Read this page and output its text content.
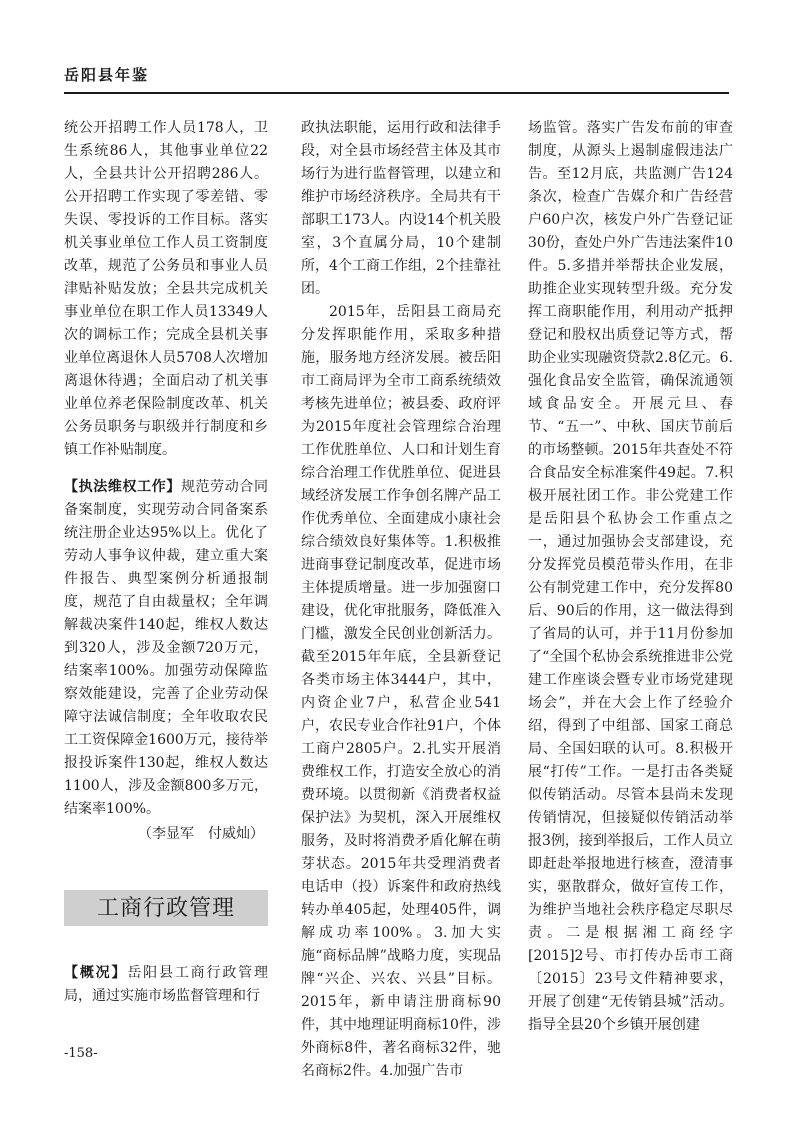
岳阳县年鉴

统公开招聘工作人员178人，卫生系统86人，其他事业单位22人，全县共计公开招聘286人。公开招聘工作实现了零差错、零失误、零投诉的工作目标。落实机关事业单位工作人员工资制度改革，规范了公务员和事业人员津贴补贴发放；全县共完成机关事业单位在职工作人员13349人次的调标工作；完成全县机关事业单位离退休人员5708人次增加离退休待遇；全面启动了机关事业单位养老保险制度改革、机关公务员职务与职级并行制度和乡镇工作补贴制度。

【执法维权工作】规范劳动合同备案制度，实现劳动合同备案系统注册企业达95%以上。优化了劳动人事争议仲裁，建立重大案件报告、典型案例分析通报制度，规范了自由裁量权；全年调解裁决案件140起，维权人数达到320人，涉及金额720万元，结案率100%。加强劳动保障监察效能建设，完善了企业劳动保障守法诚信制度；全年收取农民工工资保障金1600万元，接待举报投诉案件130起，维权人数达1100人，涉及金额800多万元，结案率100%。

（李显军　付威灿）
工商行政管理

【概况】岳阳县工商行政管理局，通过实施市场监督管理和行

政执法职能，运用行政和法律手段，对全县市场经营主体及其市场行为进行监督管理，以建立和维护市场经济秩序。全局共有干部职工173人。内设14个机关股室，3个直属分局，10个建制所，4个工商工作组，2个挂靠社团。

2015年，岳阳县工商局充分发挥职能作用，采取多种措施，服务地方经济发展。被岳阳市工商局评为全市工商系统绩效考核先进单位；被县委、政府评为2015年度社会管理综合治理工作优胜单位、人口和计划生育综合治理工作优胜单位、促进县域经济发展工作争创名牌产品工作优秀单位、全面建成小康社会综合绩效良好集体等。1.积极推进商事登记制度改革，促进市场主体提质增量。进一步加强窗口建设，优化审批服务，降低准入门槛，激发全民创业创新活力。截至2015年年底，全县新登记各类市场主体3444户，其中，内资企业7户，私营企业541户，农民专业合作社91户，个体工商户2805户。2.扎实开展消费维权工作，打造安全放心的消费环境。以贯彻新《消费者权益保护法》为契机，深入开展维权服务，及时将消费矛盾化解在萌芽状态。2015年共受理消费者电话申（投）诉案件和政府热线转办单405起，处理405件，调解成功率100%。3.加大实施“商标品牌”战略力度，实现品牌“兴企、兴农、兴县”目标。2015年，新申请注册商标90件，其中地理证明商标10件，涉外商标8件，著名商标32件，驰名商标2件。4.加强广告市

场监管。落实广告发布前的审查制度，从源头上遏制虚假违法广告。至12月底，共监测广告124条次，检查广告媒介和广告经营户60户次，核发户外广告登记证30份，查处户外广告违法案件10件。5.多措并举帮扶企业发展，助推企业实现转型升级。充分发挥工商职能作用，利用动产抵押登记和股权出质登记等方式，帮助企业实现融资贷款2.8亿元。6.强化食品安全监管，确保流通领域食品安全。开展元旦、春节、“五一”、中秋、国庆节前后的市场整顿。2015年共查处不符合食品安全标准案件49起。7.积极开展社团工作。非公党建工作是岳阳县个私协会工作重点之一，通过加强协会支部建设，充分发挥党员模范带头作用，在非公有制党建工作中，充分发挥80后、90后的作用，这一做法得到了省局的认可，并于11月份参加了“全国个私协会系统推进非公党建工作座谈会暨专业市场党建现场会”，并在大会上作了经验介绍，得到了中组部、国家工商总局、全国妇联的认可。8.积极开展“打传”工作。一是打击各类疑似传销活动。尽管本县尚未发现传销情况，但接疑似传销活动举报3例，接到举报后，工作人员立即赶赴举报地进行核查，澄清事实，驱散群众，做好宣传工作，为维护当地社会秩序稳定尽职尽责。二是根据湘工商经字[2015]2号、市打传办岳市工商〔2015〕23号文件精神要求，开展了创建“无传销县城”活动。指导全县20个乡镇开展创建

-158-
